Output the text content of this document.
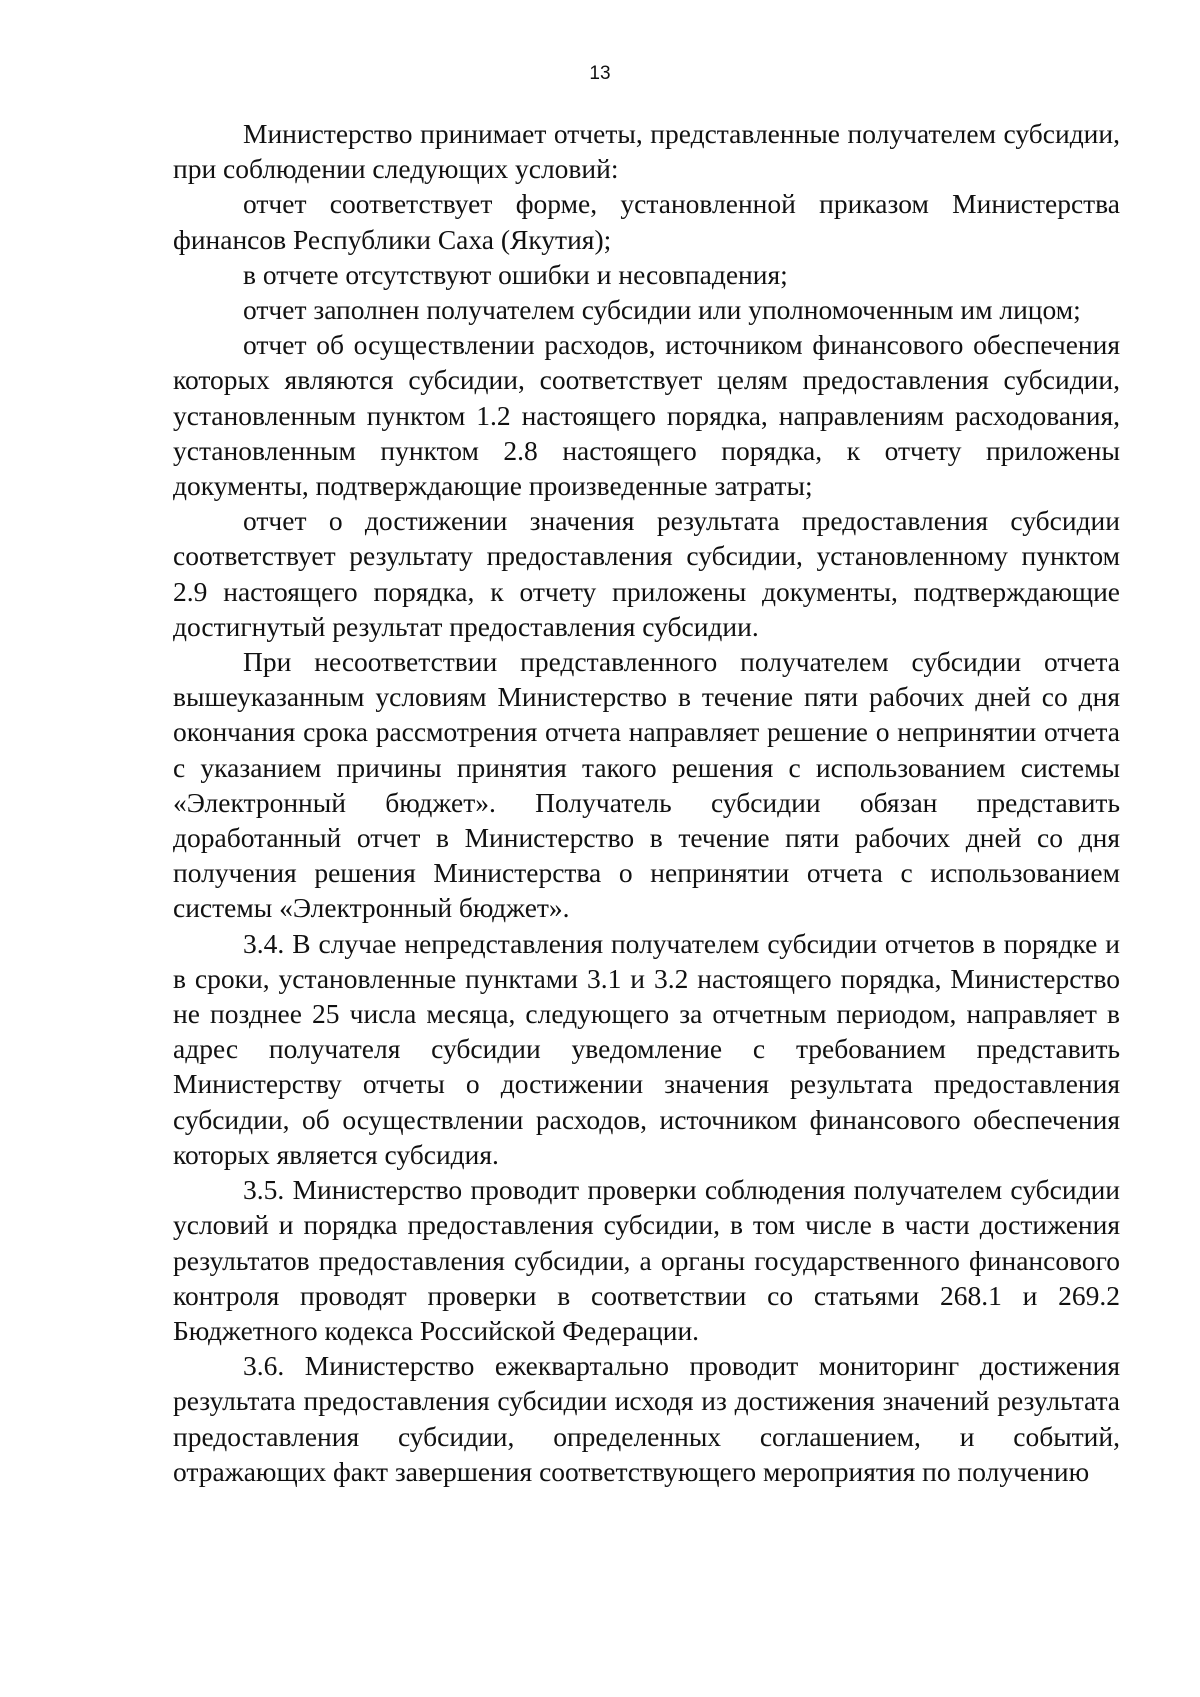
13

Министерство принимает отчеты, представленные получателем субсидии, при соблюдении следующих условий:

отчет соответствует форме, установленной приказом Министерства финансов Республики Саха (Якутия);

в отчете отсутствуют ошибки и несовпадения;

отчет заполнен получателем субсидии или уполномоченным им лицом;

отчет об осуществлении расходов, источником финансового обеспечения которых являются субсидии, соответствует целям предоставления субсидии, установленным пунктом 1.2 настоящего порядка, направлениям расходования, установленным пунктом 2.8 настоящего порядка, к отчету приложены документы, подтверждающие произведенные затраты;

отчет о достижении значения результата предоставления субсидии соответствует результату предоставления субсидии, установленному пунктом 2.9 настоящего порядка, к отчету приложены документы, подтверждающие достигнутый результат предоставления субсидии.

При несоответствии представленного получателем субсидии отчета вышеуказанным условиям Министерство в течение пяти рабочих дней со дня окончания срока рассмотрения отчета направляет решение о непринятии отчета с указанием причины принятия такого решения с использованием системы «Электронный бюджет». Получатель субсидии обязан представить доработанный отчет в Министерство в течение пяти рабочих дней со дня получения решения Министерства о непринятии отчета с использованием системы «Электронный бюджет».

3.4. В случае непредставления получателем субсидии отчетов в порядке и в сроки, установленные пунктами 3.1 и 3.2 настоящего порядка, Министерство не позднее 25 числа месяца, следующего за отчетным периодом, направляет в адрес получателя субсидии уведомление с требованием представить Министерству отчеты о достижении значения результата предоставления субсидии, об осуществлении расходов, источником финансового обеспечения которых является субсидия.

3.5. Министерство проводит проверки соблюдения получателем субсидии условий и порядка предоставления субсидии, в том числе в части достижения результатов предоставления субсидии, а органы государственного финансового контроля проводят проверки в соответствии со статьями 268.1 и 269.2 Бюджетного кодекса Российской Федерации.

3.6. Министерство ежеквартально проводит мониторинг достижения результата предоставления субсидии исходя из достижения значений результата предоставления субсидии, определенных соглашением, и событий, отражающих факт завершения соответствующего мероприятия по получению
